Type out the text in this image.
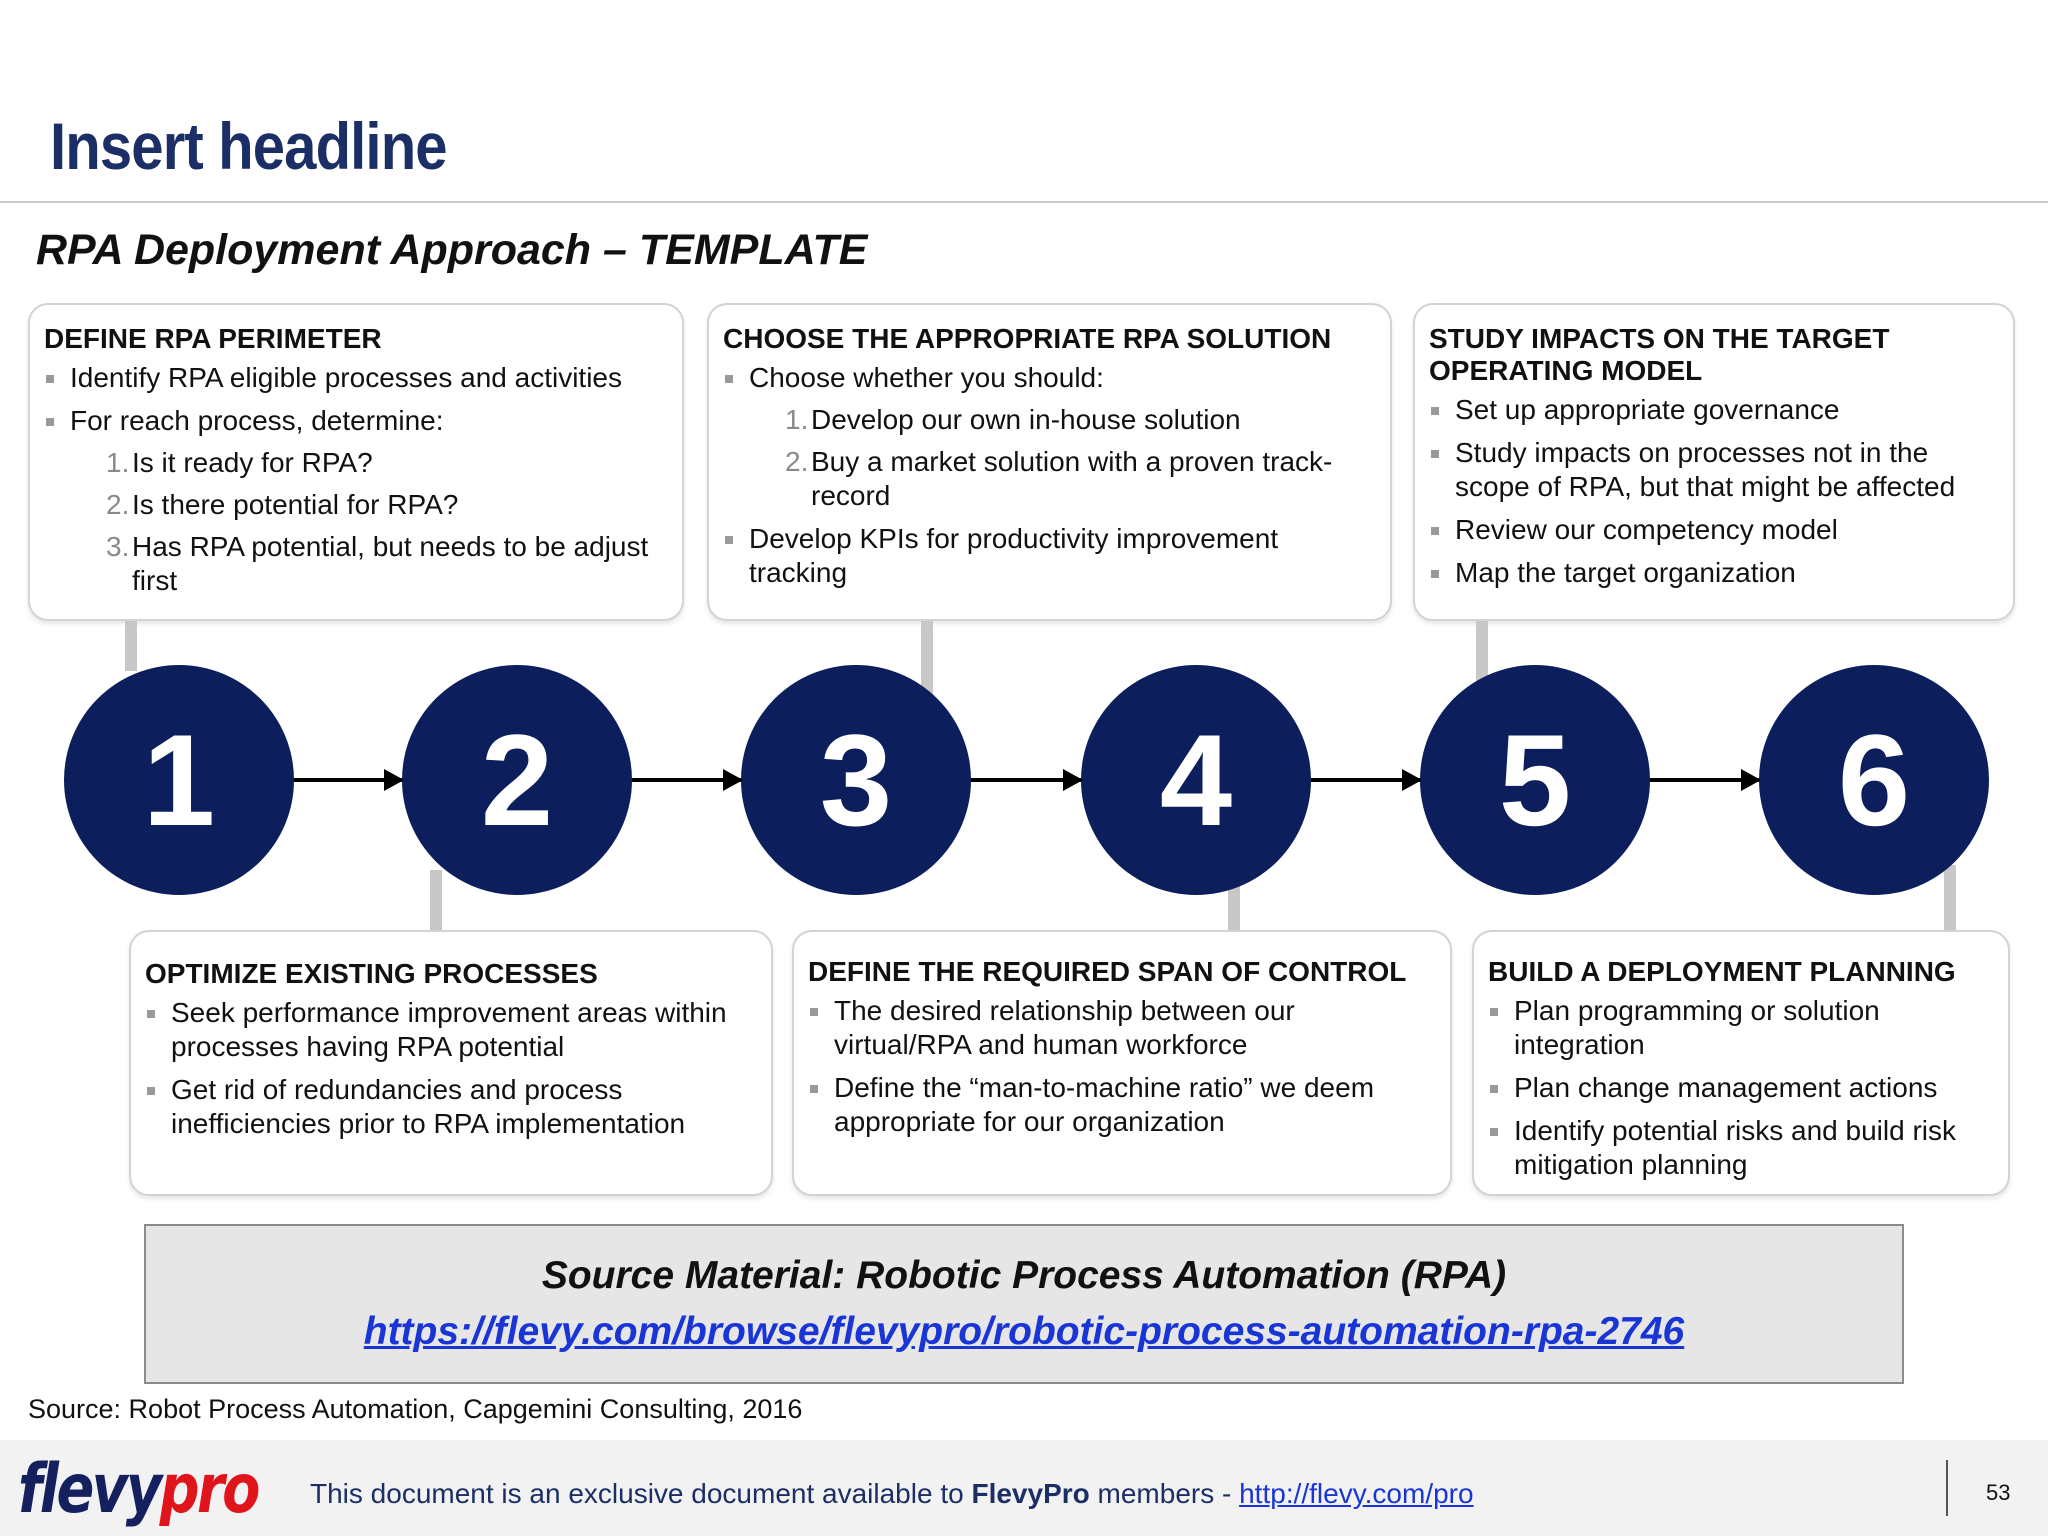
Insert headline
RPA Deployment Approach – TEMPLATE
DEFINE RPA PERIMETER
Identify RPA eligible processes and activities
For reach process, determine:
1. Is it ready for RPA?
2. Is there potential for RPA?
3. Has RPA potential, but needs to be adjust first
CHOOSE THE APPROPRIATE RPA SOLUTION
Choose whether you should:
1. Develop our own in-house solution
2. Buy a market solution with a proven track-record
Develop KPIs for productivity improvement tracking
STUDY IMPACTS ON THE TARGET OPERATING MODEL
Set up appropriate governance
Study impacts on processes not in the scope of RPA, but that might be affected
Review our competency model
Map the target organization
1	2	3	4	5	6
OPTIMIZE EXISTING PROCESSES
Seek performance improvement areas within processes having RPA potential
Get rid of redundancies and process inefficiencies prior to RPA implementation
DEFINE THE REQUIRED SPAN OF CONTROL
The desired relationship between our virtual/RPA and human workforce
Define the “man-to-machine ratio” we deem appropriate for our organization
BUILD A DEPLOYMENT PLANNING
Plan programming or solution integration
Plan change management actions
Identify potential risks and build risk mitigation planning
Source Material: Robotic Process Automation (RPA)
https://flevy.com/browse/flevypro/robotic-process-automation-rpa-2746
Source: Robot Process Automation, Capgemini Consulting, 2016
flevypro This document is an exclusive document available to FlevyPro members - http://flevy.com/pro	53
